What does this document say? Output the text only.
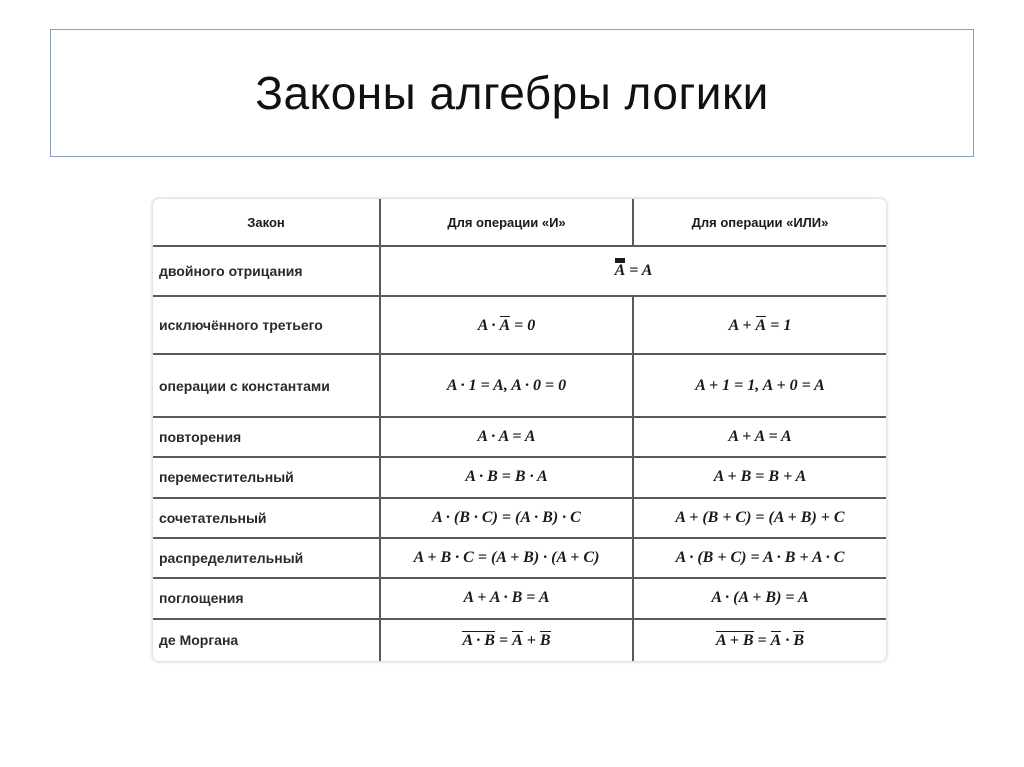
Законы алгебры логики
Закон	Для операции «И»	Для операции «ИЛИ»
двойного отрицания	A = A	
исключённого третьего	A · A = 0	A + A = 1
операции с константами	A · 1 = A, A · 0 = 0	A + 1 = 1, A + 0 = A
повторения	A · A = A	A + A = A
переместительный	A · B = B · A	A + B = B + A
сочетательный	A · (B · C) = (A · B) · C	A + (B + C) = (A + B) + C
распределительный	A + B · C = (A + B) · (A + C)	A · (B + C) = A · B + A · C
поглощения	A + A · B = A	A · (A + B) = A
де Моргана	A · B = A + B	A + B = A · B
